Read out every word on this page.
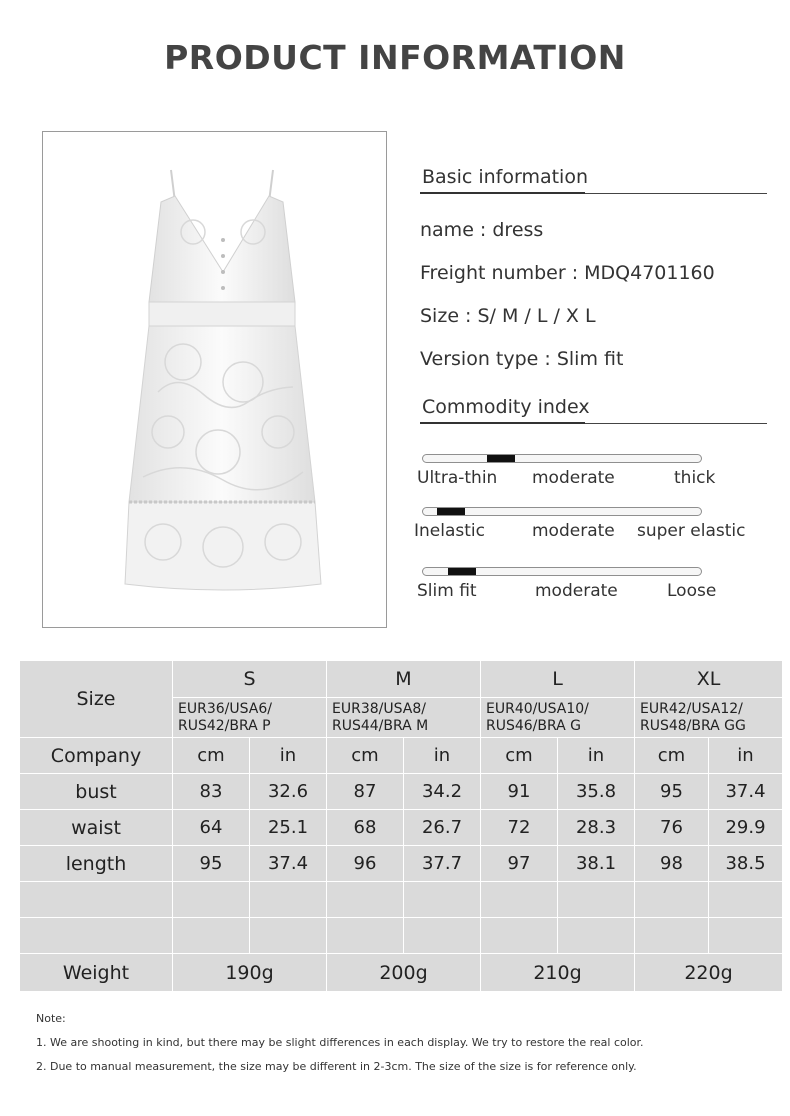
PRODUCT INFORMATION
Basic information
name : dress
Freight number : MDQ4701160
Size : S/ M / L / X L
Version type : Slim fit
Commodity index
Ultra-thin moderate	thick
Inelastic	moderate super elastic
Slim fit	moderate	Loose
Size	S		M		L		XL	
	EUR36/USA6/
RUS42/BRA P		EUR38/USA8/
RUS44/BRA M		EUR40/USA10/
RUS46/BRA G		EUR42/USA12/
RUS48/BRA GG	
Company	cm	in	cm	in	cm	in	cm	in
bust	83	32.6	87	34.2	91	35.8	95	37.4
waist	64	25.1	68	26.7	72	28.3	76	29.9
length	95	37.4	96	37.7	97	38.1	98	38.5

Weight	190g		200g		210g		220g	
Note:
1. We are shooting in kind, but there may be slight differences in each display. We try to restore the real color.
2. Due to manual measurement, the size may be different in 2-3cm. The size of the size is for reference only.
